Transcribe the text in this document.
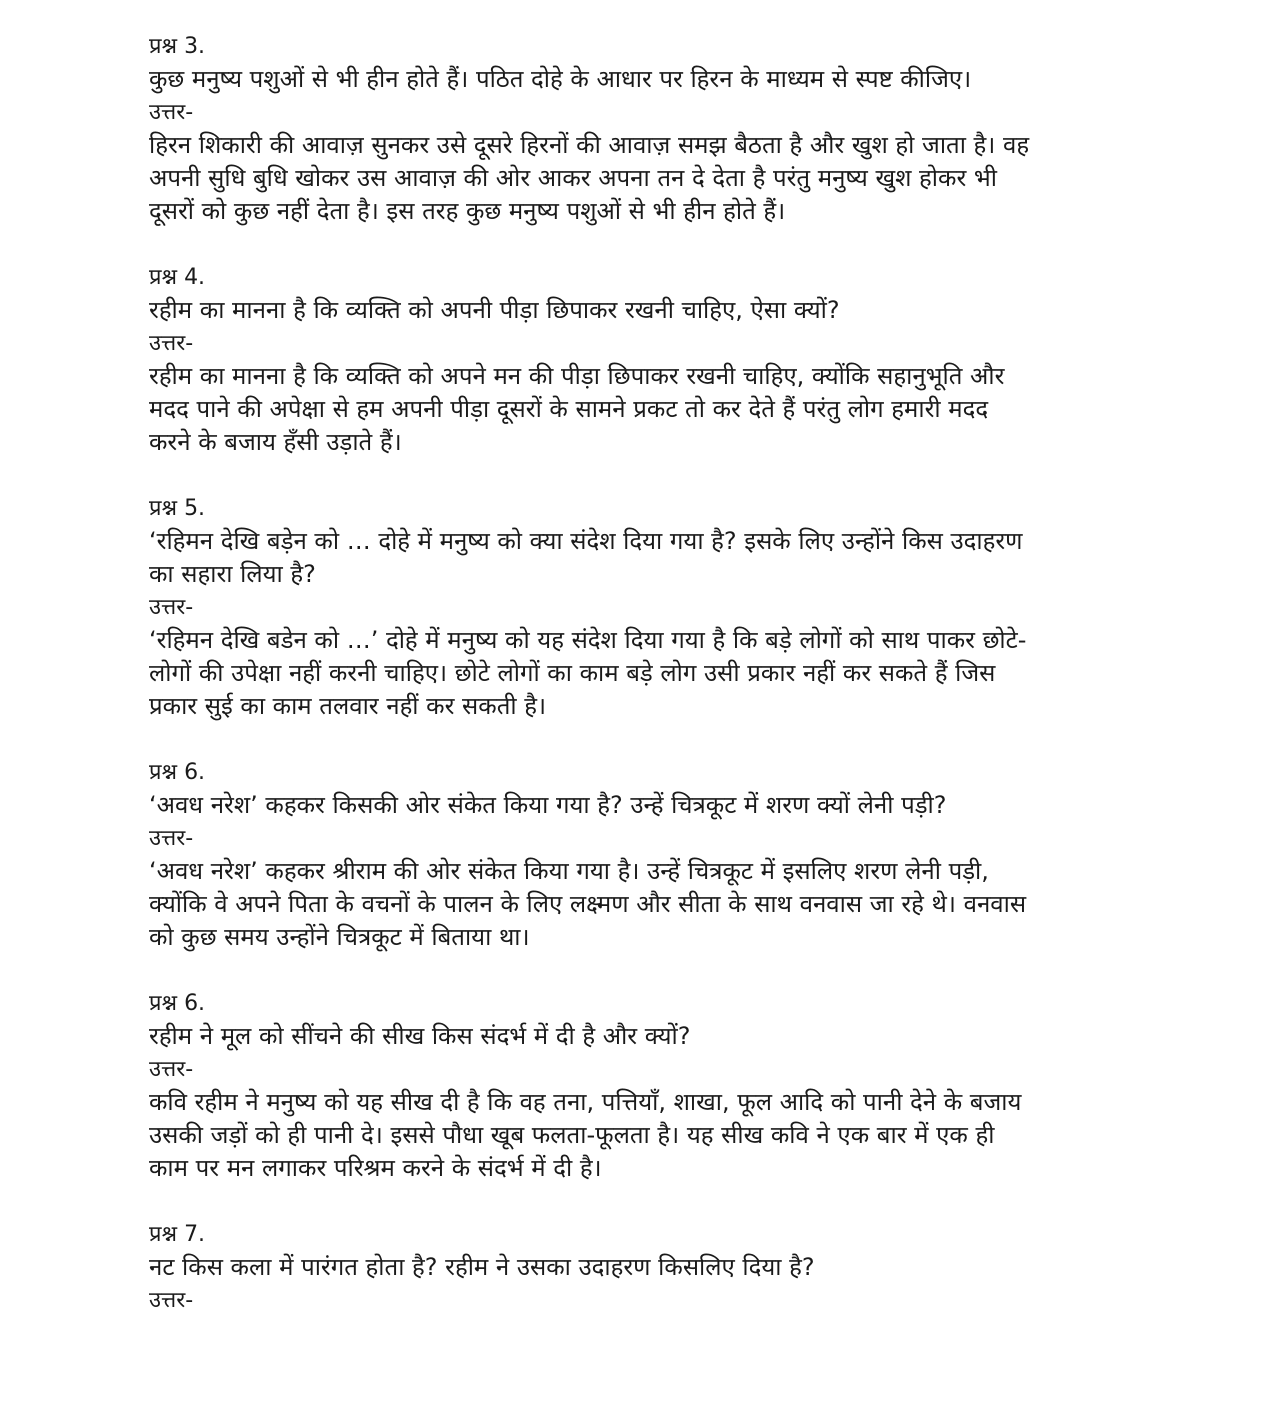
प्रश्न 3.
कुछ मनुष्य पशुओं से भी हीन होते हैं। पठित दोहे के आधार पर हिरन के माध्यम से स्पष्ट कीजिए।
उत्तर-
हिरन शिकारी की आवाज़ सुनकर उसे दूसरे हिरनों की आवाज़ समझ बैठता है और खुश हो जाता है। वह
अपनी सुधि बुधि खोकर उस आवाज़ की ओर आकर अपना तन दे देता है परंतु मनुष्य खुश होकर भी
दूसरों को कुछ नहीं देता है। इस तरह कुछ मनुष्य पशुओं से भी हीन होते हैं।
प्रश्न 4.
रहीम का मानना है कि व्यक्ति को अपनी पीड़ा छिपाकर रखनी चाहिए, ऐसा क्यों?
उत्तर-
रहीम का मानना है कि व्यक्ति को अपने मन की पीड़ा छिपाकर रखनी चाहिए, क्योंकि सहानुभूति और
मदद पाने की अपेक्षा से हम अपनी पीड़ा दूसरों के सामने प्रकट तो कर देते हैं परंतु लोग हमारी मदद
करने के बजाय हँसी उड़ाते हैं।
प्रश्न 5.
‘रहिमन देखि बड़ेन को … दोहे में मनुष्य को क्या संदेश दिया गया है? इसके लिए उन्होंने किस उदाहरण
का सहारा लिया है?
उत्तर-
‘रहिमन देखि बडेन को …’ दोहे में मनुष्य को यह संदेश दिया गया है कि बड़े लोगों को साथ पाकर छोटे-
लोगों की उपेक्षा नहीं करनी चाहिए। छोटे लोगों का काम बड़े लोग उसी प्रकार नहीं कर सकते हैं जिस
प्रकार सुई का काम तलवार नहीं कर सकती है।
प्रश्न 6.
‘अवध नरेश’ कहकर किसकी ओर संकेत किया गया है? उन्हें चित्रकूट में शरण क्यों लेनी पड़ी?
उत्तर-
‘अवध नरेश’ कहकर श्रीराम की ओर संकेत किया गया है। उन्हें चित्रकूट में इसलिए शरण लेनी पड़ी,
क्योंकि वे अपने पिता के वचनों के पालन के लिए लक्ष्मण और सीता के साथ वनवास जा रहे थे। वनवास
को कुछ समय उन्होंने चित्रकूट में बिताया था।
प्रश्न 6.
रहीम ने मूल को सींचने की सीख किस संदर्भ में दी है और क्यों?
उत्तर-
कवि रहीम ने मनुष्य को यह सीख दी है कि वह तना, पत्तियाँ, शाखा, फूल आदि को पानी देने के बजाय
उसकी जड़ों को ही पानी दे। इससे पौधा खूब फलता-फूलता है। यह सीख कवि ने एक बार में एक ही
काम पर मन लगाकर परिश्रम करने के संदर्भ में दी है।
प्रश्न 7.
नट किस कला में पारंगत होता है? रहीम ने उसका उदाहरण किसलिए दिया है?
उत्तर-
